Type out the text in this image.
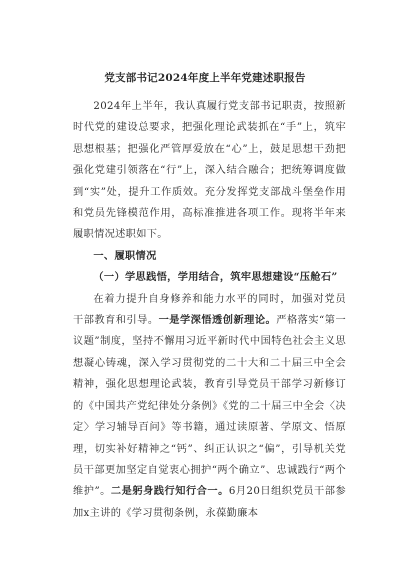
党支部书记2024年度上半年党建述职报告

2024年上半年，我认真履行党支部书记职责，按照新时代党的建设总要求，把强化理论武装抓在“手”上，筑牢思想根基；把强化严管厚爱放在“心”上，鼓足思想干劲把强化党建引领落在“行”上，深入结合融合；把统筹调度做到“实”处，提升工作质效。充分发挥党支部战斗堡垒作用和党员先锋模范作用，高标准推进各项工作。现将半年来履职情况述职如下。

一、履职情况

（一）学思践悟，学用结合，筑牢思想建设“压舱石”

在着力提升自身修养和能力水平的同时，加强对党员干部教育和引导。一是学深悟透创新理论。严格落实“第一议题”制度，坚持不懈用习近平新时代中国特色社会主义思想凝心铸魂，深入学习贯彻党的二十大和二十届三中全会精神，强化思想理论武装，教育引导党员干部学习新修订的《中国共产党纪律处分条例》《党的二十届三中全会〈决定〉学习辅导百问》等书籍，通过读原著、学原文、悟原理，切实补好精神之“钙”、纠正认识之“偏”，引导机关党员干部更加坚定自觉衷心拥护“两个确立”、忠诚践行“两个维护”。二是躬身践行知行合一。6月20日组织党员干部参加x主讲的《学习贯彻条例，永葆勤廉本
